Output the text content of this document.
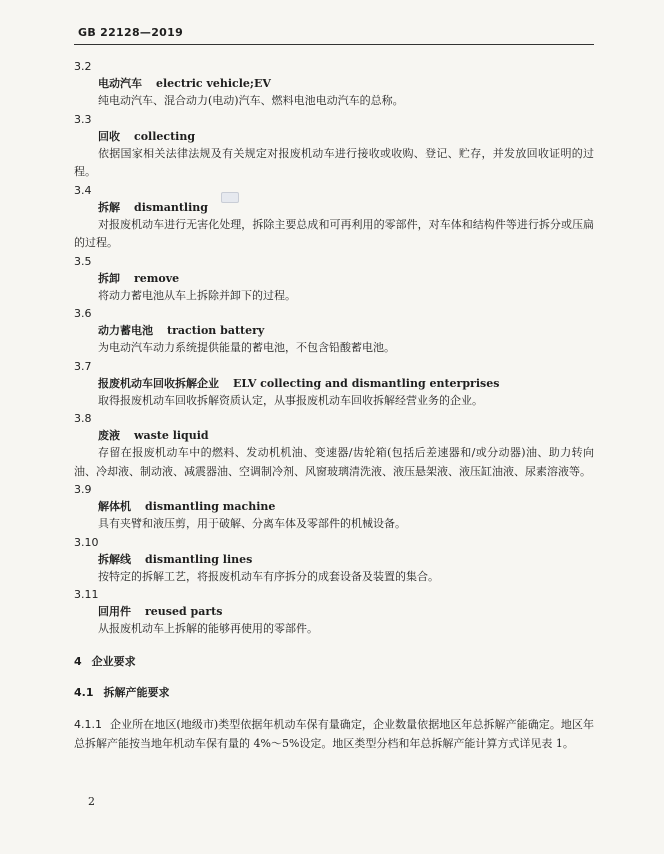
GB 22128—2019
3.2
电动汽车 electric vehicle;EV
纯电动汽车、混合动力(电动)汽车、燃料电池电动汽车的总称。
3.3
回收 collecting
依据国家相关法律法规及有关规定对报废机动车进行接收或收购、登记、贮存，并发放回收证明的过程。
3.4
拆解 dismantling
对报废机动车进行无害化处理，拆除主要总成和可再利用的零部件，对车体和结构件等进行拆分或压扁的过程。
3.5
拆卸 remove
将动力蓄电池从车上拆除并卸下的过程。
3.6
动力蓄电池 traction battery
为电动汽车动力系统提供能量的蓄电池，不包含铅酸蓄电池。
3.7
报废机动车回收拆解企业 ELV collecting and dismantling enterprises
取得报废机动车回收拆解资质认定，从事报废机动车回收拆解经营业务的企业。
3.8
废液 waste liquid
存留在报废机动车中的燃料、发动机机油、变速器/齿轮箱(包括后差速器和/或分动器)油、助力转向油、冷却液、制动液、减震器油、空调制冷剂、风窗玻璃清洗液、液压悬架液、液压缸油液、尿素溶液等。
3.9
解体机 dismantling machine
具有夹臂和液压剪，用于破解、分离车体及零部件的机械设备。
3.10
拆解线 dismantling lines
按特定的拆解工艺，将报废机动车有序拆分的成套设备及装置的集合。
3.11
回用件 reused parts
从报废机动车上拆解的能够再使用的零部件。
4 企业要求
4.1 拆解产能要求
4.1.1 企业所在地区(地级市)类型依据年机动车保有量确定，企业数量依据地区年总拆解产能确定。地区年总拆解产能按当地年机动车保有量的 4%～5%设定。地区类型分档和年总拆解产能计算方式详见表 1。
2
